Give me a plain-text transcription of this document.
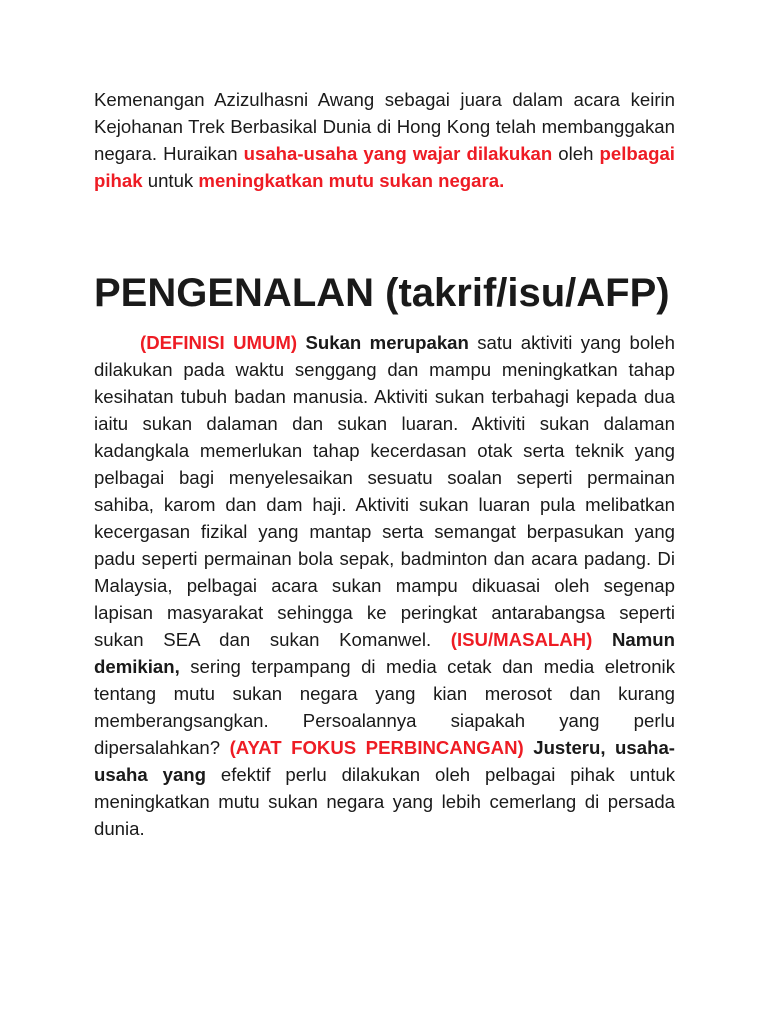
Kemenangan Azizulhasni Awang sebagai juara dalam acara keirin Kejohanan Trek Berbasikal Dunia di Hong Kong telah membanggakan negara. Huraikan usaha-usaha yang wajar dilakukan oleh pelbagai pihak untuk meningkatkan mutu sukan negara.

PENGENALAN (takrif/isu/AFP)

(DEFINISI UMUM) Sukan merupakan satu aktiviti yang boleh dilakukan pada waktu senggang dan mampu meningkatkan tahap kesihatan tubuh badan manusia. Aktiviti sukan terbahagi kepada dua iaitu sukan dalaman dan sukan luaran. Aktiviti sukan dalaman kadangkala memerlukan tahap kecerdasan otak serta teknik yang pelbagai bagi menyelesaikan sesuatu soalan seperti permainan sahiba, karom dan dam haji. Aktiviti sukan luaran pula melibatkan kecergasan fizikal yang mantap serta semangat berpasukan yang padu seperti permainan bola sepak, badminton dan acara padang. Di Malaysia, pelbagai acara sukan mampu dikuasai oleh segenap lapisan masyarakat sehingga ke peringkat antarabangsa seperti sukan SEA dan sukan Komanwel. (ISU/MASALAH) Namun demikian, sering terpampang di media cetak dan media eletronik tentang mutu sukan negara yang kian merosot dan kurang memberangsangkan. Persoalannya siapakah yang perlu dipersalahkan? (AYAT FOKUS PERBINCANGAN) Justeru, usaha-usaha yang efektif perlu dilakukan oleh pelbagai pihak untuk meningkatkan mutu sukan negara yang lebih cemerlang di persada dunia.
